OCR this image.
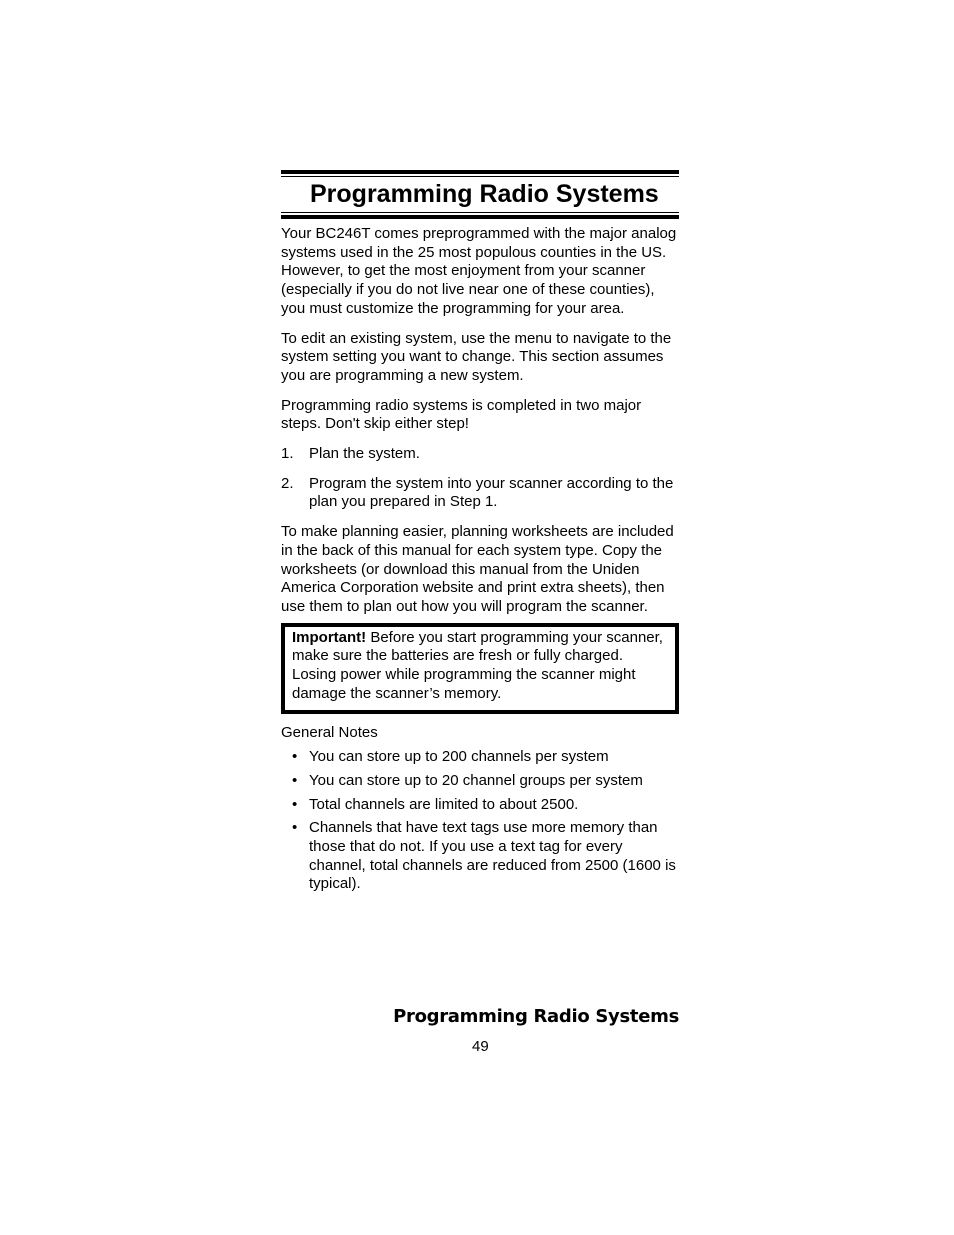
Programming Radio Systems

Your BC246T comes preprogrammed with the major analog systems used in the 25 most populous counties in the US. However, to get the most enjoyment from your scanner (especially if you do not live near one of these counties), you must customize the programming for your area.

To edit an existing system, use the menu to navigate to the system setting you want to change. This section assumes you are programming a new system.

Programming radio systems is completed in two major steps. Don't skip either step!

1.	Plan the system.
2.	Program the system into your scanner according to the plan you prepared in Step 1.

To make planning easier, planning worksheets are included in the back of this manual for each system type. Copy the worksheets (or download this manual from the Uniden America Corporation website and print extra sheets), then use them to plan out how you will program the scanner.

Important! Before you start programming your scanner, make sure the batteries are fresh or fully charged. Losing power while programming the scanner might damage the scanner’s memory.

General Notes
• You can store up to 200 channels per system
• You can store up to 20 channel groups per system
• Total channels are limited to about 2500.
• Channels that have text tags use more memory than those that do not. If you use a text tag for every channel, total channels are reduced from 2500 (1600 is typical).
Programming Radio Systems
49
